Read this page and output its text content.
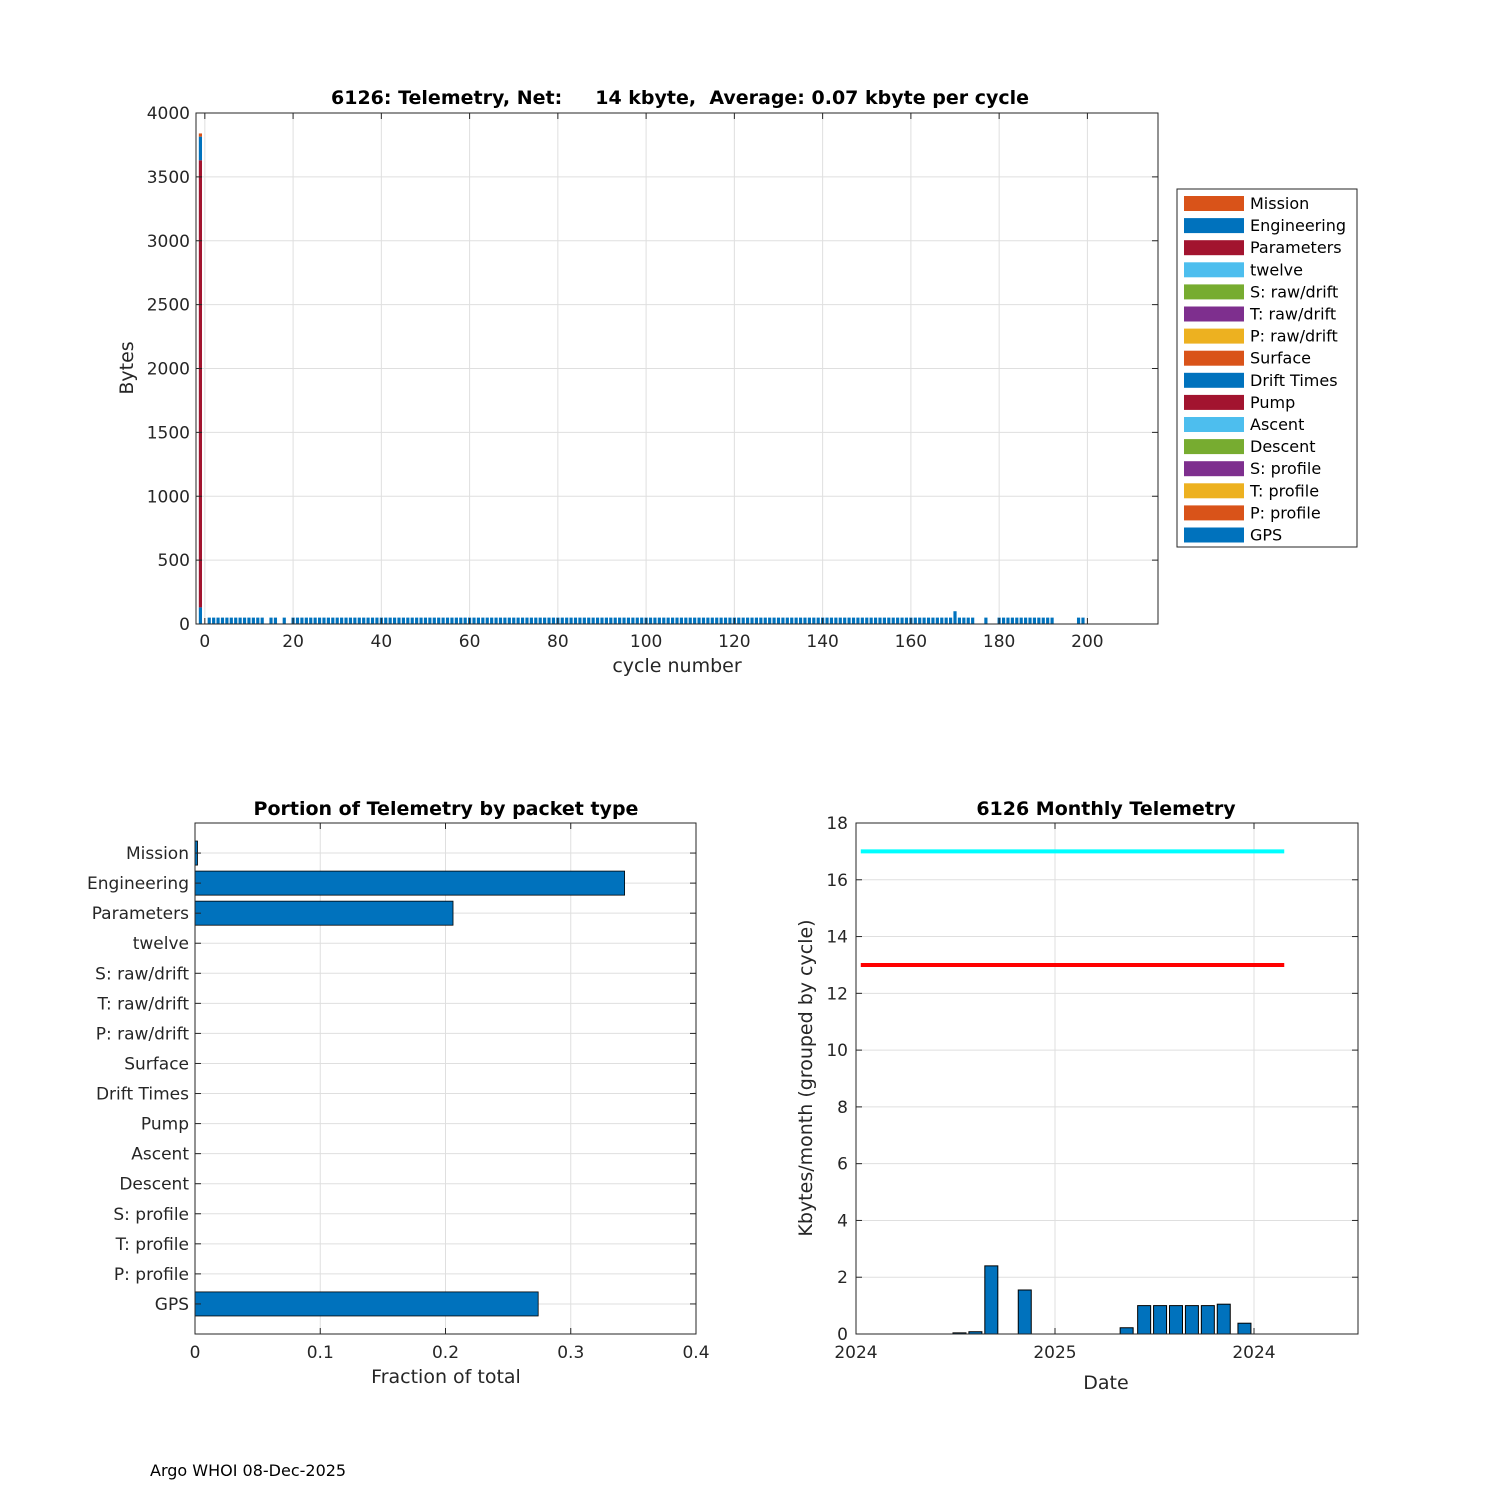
0	20	40	60	80	100	120	140	160	180	200
0
500
1000
1500
2000
2500
3000
3500
4000
6126: Telemetry, Net:     14 kbyte,  Average: 0.07 kbyte per cycle
cycle number
Bytes
Mission
Engineering
Parameters
twelve
S: raw/drift
T: raw/drift
P: raw/drift
Surface
Drift Times
Pump
Ascent
Descent
S: profile
T: profile
P: profile
GPS
0	0.1	0.2	0.3	0.4
Mission
Engineering
Parameters
twelve
S: raw/drift
T: raw/drift
P: raw/drift
Surface
Drift Times
Pump
Ascent
Descent
S: profile
T: profile
P: profile
GPS
Portion of Telemetry by packet type
Fraction of total
2024	2025	2024
0
2
4
6
8
10
12
14
16
18
6126 Monthly Telemetry
Date
Kbytes/month (grouped by cycle)
Argo WHOI 08-Dec-2025
